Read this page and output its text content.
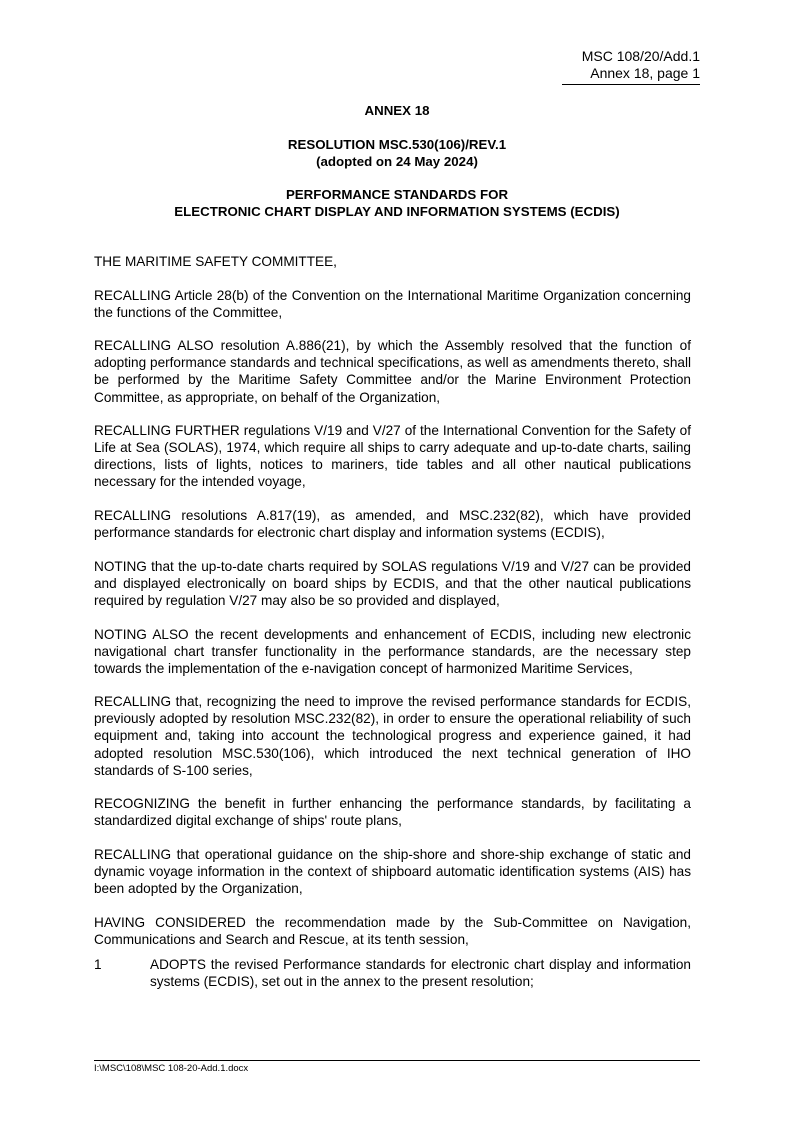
MSC 108/20/Add.1
Annex 18, page 1
ANNEX 18
RESOLUTION MSC.530(106)/REV.1
(adopted on 24 May 2024)
PERFORMANCE STANDARDS FOR
ELECTRONIC CHART DISPLAY AND INFORMATION SYSTEMS (ECDIS)

THE MARITIME SAFETY COMMITTEE,

RECALLING Article 28(b) of the Convention on the International Maritime Organization concerning the functions of the Committee,

RECALLING ALSO resolution A.886(21), by which the Assembly resolved that the function of adopting performance standards and technical specifications, as well as amendments thereto, shall be performed by the Maritime Safety Committee and/or the Marine Environment Protection Committee, as appropriate, on behalf of the Organization,

RECALLING FURTHER regulations V/19 and V/27 of the International Convention for the Safety of Life at Sea (SOLAS), 1974, which require all ships to carry adequate and up-to-date charts, sailing directions, lists of lights, notices to mariners, tide tables and all other nautical publications necessary for the intended voyage,

RECALLING resolutions A.817(19), as amended, and MSC.232(82), which have provided performance standards for electronic chart display and information systems (ECDIS),

NOTING that the up-to-date charts required by SOLAS regulations V/19 and V/27 can be provided and displayed electronically on board ships by ECDIS, and that the other nautical publications required by regulation V/27 may also be so provided and displayed,

NOTING ALSO the recent developments and enhancement of ECDIS, including new electronic navigational chart transfer functionality in the performance standards, are the necessary step towards the implementation of the e-navigation concept of harmonized Maritime Services,

RECALLING that, recognizing the need to improve the revised performance standards for ECDIS, previously adopted by resolution MSC.232(82), in order to ensure the operational reliability of such equipment and, taking into account the technological progress and experience gained, it had adopted resolution MSC.530(106), which introduced the next technical generation of IHO standards of S-100 series,

RECOGNIZING the benefit in further enhancing the performance standards, by facilitating a standardized digital exchange of ships' route plans,

RECALLING that operational guidance on the ship-shore and shore-ship exchange of static and dynamic voyage information in the context of shipboard automatic identification systems (AIS) has been adopted by the Organization,

HAVING CONSIDERED the recommendation made by the Sub-Committee on Navigation, Communications and Search and Rescue, at its tenth session,

1	ADOPTS the revised Performance standards for electronic chart display and information systems (ECDIS), set out in the annex to the present resolution;
I:\MSC\108\MSC 108-20-Add.1.docx
